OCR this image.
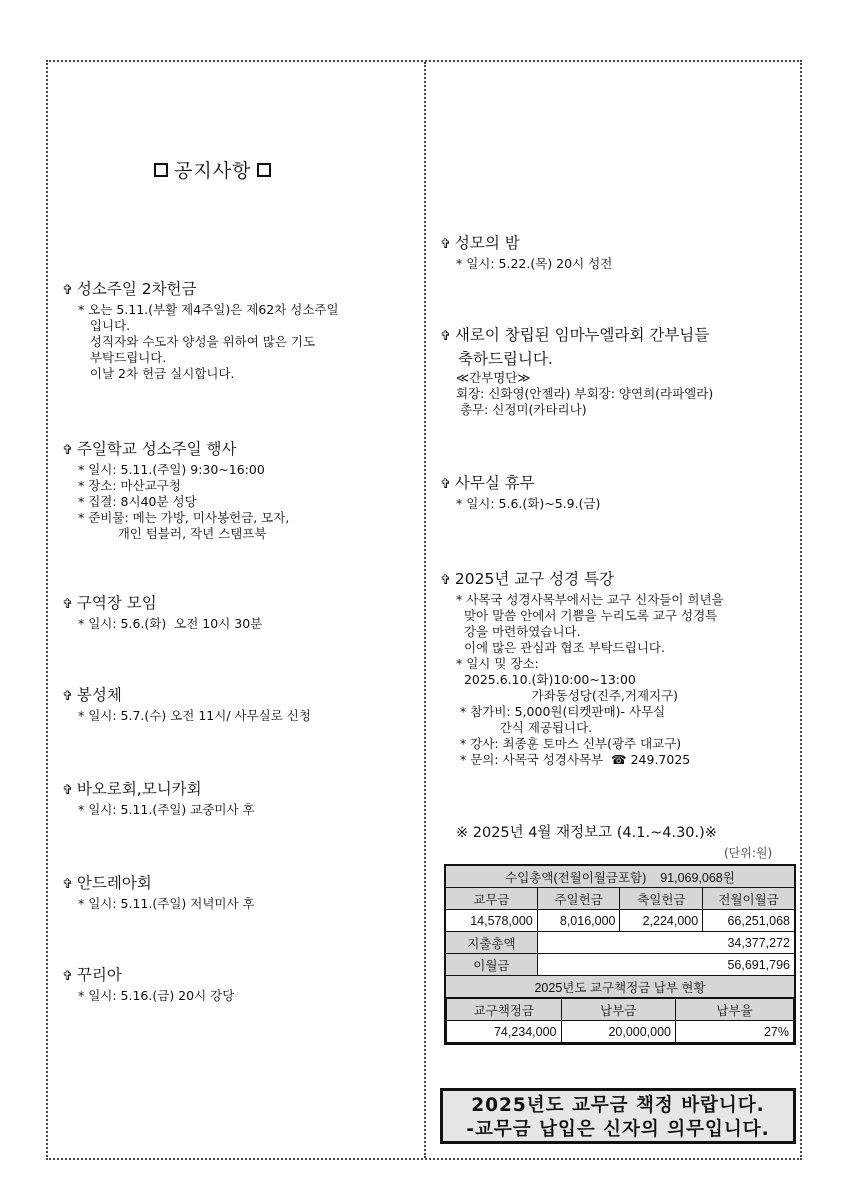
공지사항
✞ 성소주일 2차헌금
* 오는 5.11.(부활 제4주일)은 제62차 성소주일
입니다.
성직자와 수도자 양성을 위하여 많은 기도
부탁드립니다.
이날 2차 헌금 실시합니다.
✞ 주일학교 성소주일 행사
* 일시: 5.11.(주일) 9:30~16:00
* 장소: 마산교구청
* 집결: 8시40분 성당
* 준비물: 메는 가방, 미사봉헌금, 모자,
개인 텀블러, 작년 스탬프북
✞ 구역장 모임
* 일시: 5.6.(화)  오전 10시 30분
✞ 봉성체
* 일시: 5.7.(수) 오전 11시/ 사무실로 신청
✞ 바오로회,모니카회
* 일시: 5.11.(주일) 교중미사 후
✞ 안드레아회
* 일시: 5.11.(주일) 저녁미사 후
✞ 꾸리아
* 일시: 5.16.(금) 20시 강당
✞ 성모의 밤
* 일시: 5.22.(목) 20시 성전
✞ 새로이 창립된 임마누엘라회 간부님들
축하드립니다.
≪간부명단≫
회장: 신화영(안젤라) 부회장: 양연희(라파엘라)
총무: 신정미(카타리나)
✞ 사무실 휴무
* 일시: 5.6.(화)~5.9.(금)
✞ 2025년 교구 성경 특강
* 사목국 성경사목부에서는 교구 신자들이 희년을
맞아 말씀 안에서 기쁨을 누리도록 교구 성경특
강을 마련하였습니다.
이에 많은 관심과 협조 부탁드립니다.
* 일시 및 장소:
2025.6.10.(화)10:00~13:00
가좌동성당(진주,거제지구)
* 참가비: 5,000원(티켓판매)- 사무실
간식 제공됩니다.
* 강사: 최종훈 토마스 신부(광주 대교구)
* 문의: 사목국 성경사목부  ☎ 249.7025
※ 2025년 4월 재정보고 (4.1.~4.30.)※
(단위:원)
수입총액(전월이월금포함) 91,069,068원
교무금	주일헌금	축일헌금	전월이월금
14,578,000	8,016,000	2,224,000	66,251,068
지출총액	34,377,272
이월금	56,691,796
2025년도 교구책정금 납부 현황

교구책정금	납부금	납부율
74,234,000	20,000,000	27%
2025년도 교무금 책정 바랍니다.
-교무금 납입은 신자의 의무입니다.
